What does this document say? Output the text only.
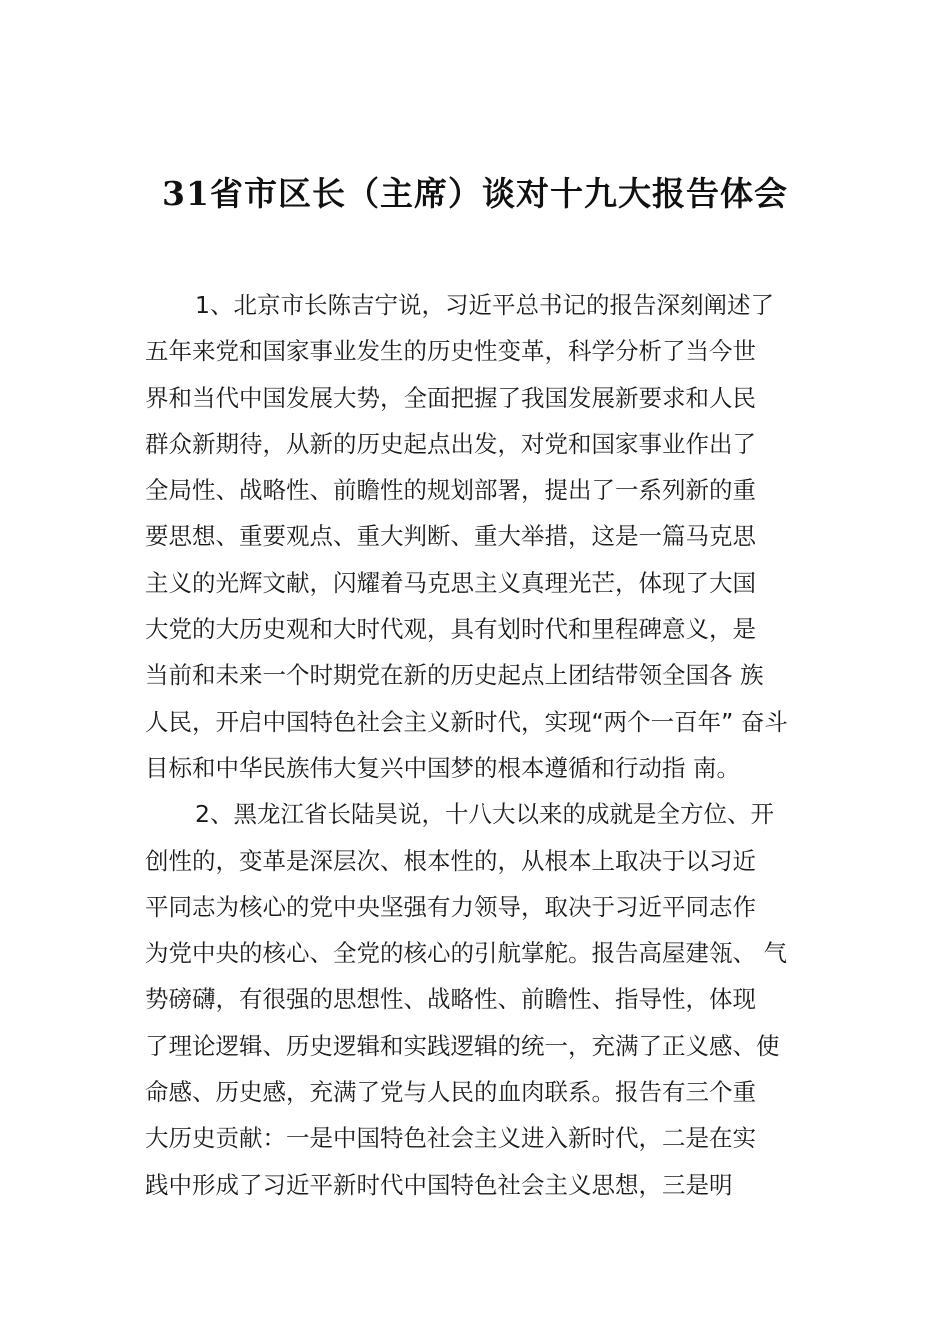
31省市区长（主席）谈对十九大报告体会
1、北京市长陈吉宁说，习近平总书记的报告深刻阐述了
五年来党和国家事业发生的历史性变革，科学分析了当今世
界和当代中国发展大势，全面把握了我国发展新要求和人民
群众新期待，从新的历史起点出发，对党和国家事业作出了
全局性、战略性、前瞻性的规划部署，提出了一系列新的重
要思想、重要观点、重大判断、重大举措，这是一篇马克思
主义的光辉文献，闪耀着马克思主义真理光芒，体现了大国
大党的大历史观和大时代观，具有划时代和里程碑意义，是
当前和未来一个时期党在新的历史起点上团结带领全国各 族
人民，开启中国特色社会主义新时代，实现“两个一百年” 奋斗
目标和中华民族伟大复兴中国梦的根本遵循和行动指 南。
2、黑龙江省长陆昊说，十八大以来的成就是全方位、开
创性的，变革是深层次、根本性的，从根本上取决于以习近
平同志为核心的党中央坚强有力领导，取决于习近平同志作
为党中央的核心、全党的核心的引航掌舵。报告高屋建瓴、 气
势磅礴，有很强的思想性、战略性、前瞻性、指导性，体现
了理论逻辑、历史逻辑和实践逻辑的统一，充满了正义感、使
命感、历史感，充满了党与人民的血肉联系。报告有三个重
大历史贡献：一是中国特色社会主义进入新时代，二是在实
践中形成了习近平新时代中国特色社会主义思想，三是明
